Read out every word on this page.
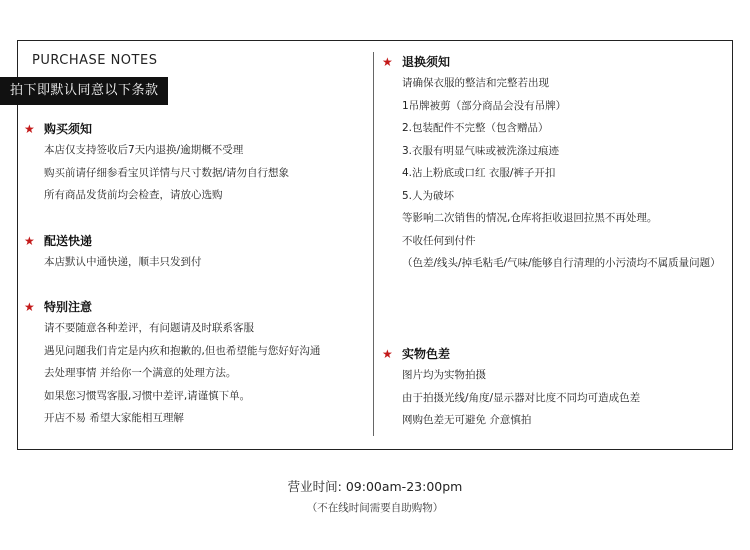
PURCHASE NOTES
拍下即默认同意以下条款
★ 购买须知
本店仅支持签收后7天内退换/逾期概不受理
购买前请仔细参看宝贝详情与尺寸数据/请勿自行想象
所有商品发货前均会检查，请放心选购
★ 配送快递
本店默认中通快递，顺丰只发到付
★ 特别注意
请不要随意各种差评，有问题请及时联系客服
遇见问题我们肯定是内疚和抱歉的,但也希望能与您好好沟通
去处理事情 并给你一个满意的处理方法。
如果您习惯骂客服,习惯中差评,请谨慎下单。
开店不易 希望大家能相互理解
★ 退换须知
请确保衣服的整洁和完整若出现
1吊牌被剪（部分商品会没有吊牌）
2.包装配件不完整（包含赠品）
3.衣服有明显气味或被洗涤过痕迹
4.沾上粉底或口红 衣服/裤子开扣
5.人为破坏
等影响二次销售的情况,仓库将拒收退回拉黑不再处理。
不收任何到付件
（色差/线头/掉毛粘毛/气味/能够自行清理的小污渍均不属质量问题）
★ 实物色差
图片均为实物拍摄
由于拍摄光线/角度/显示器对比度不同均可造成色差
网购色差无可避免 介意慎拍
营业时间: 09:00am-23:00pm
（不在线时间需要自助购物）
